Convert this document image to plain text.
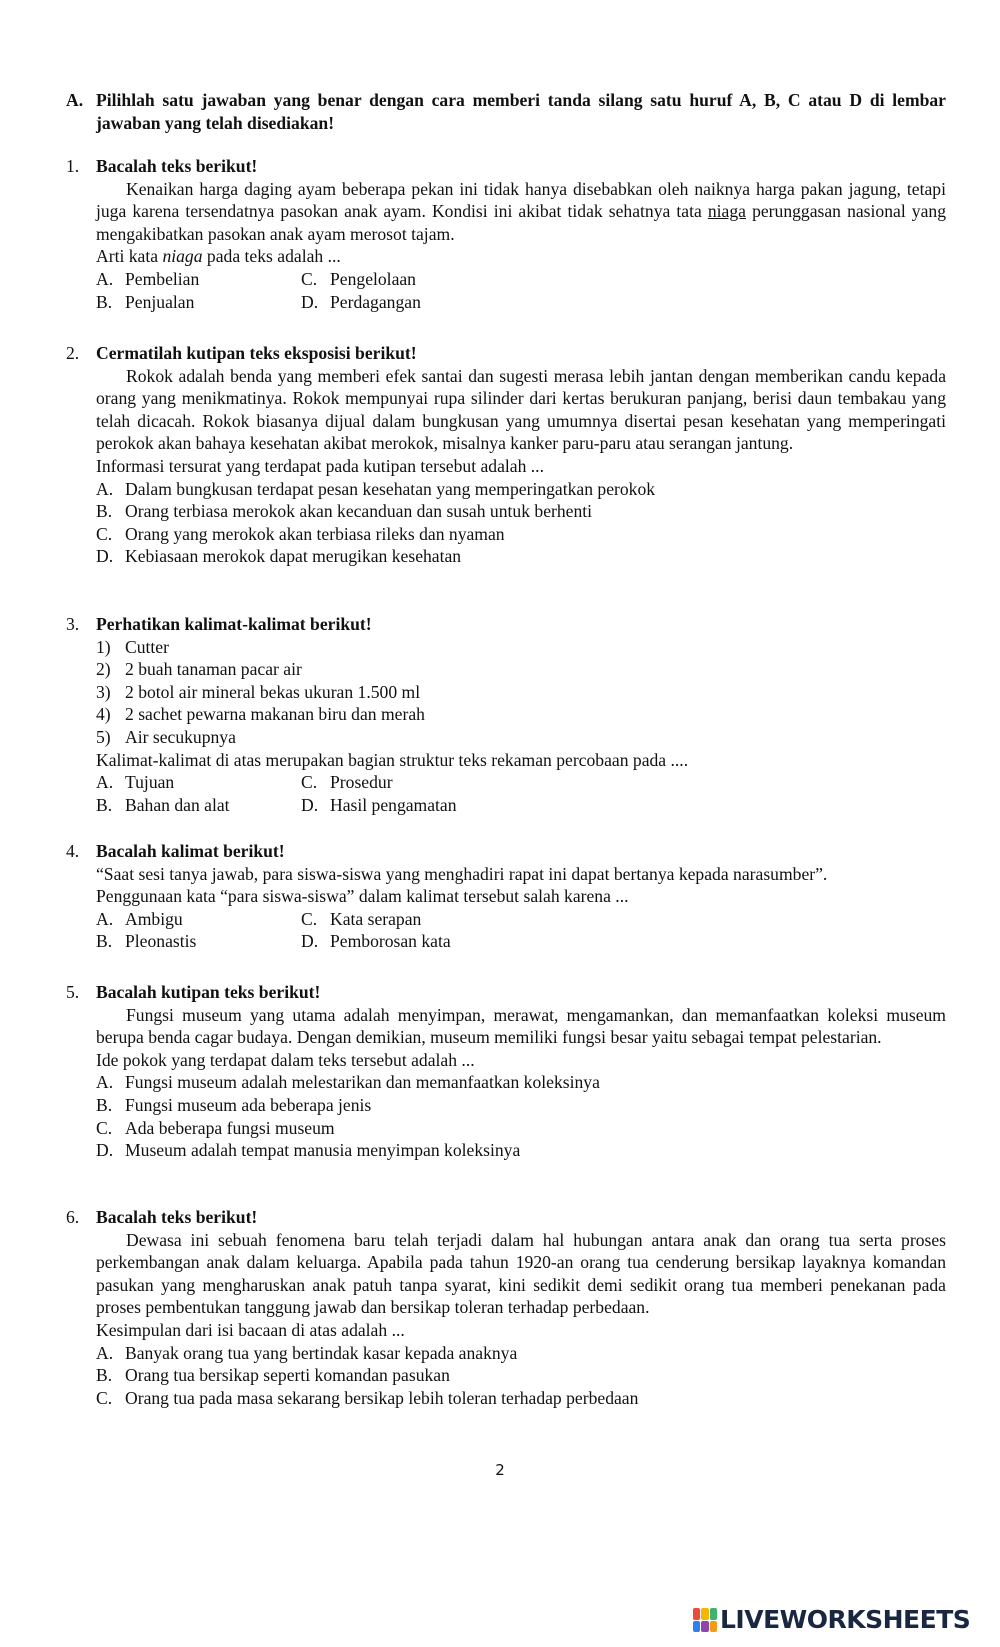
A. Pilihlah satu jawaban yang benar dengan cara memberi tanda silang satu huruf A, B, C atau D di lembar jawaban yang telah disediakan!
1. Bacalah teks berikut!
Kenaikan harga daging ayam beberapa pekan ini tidak hanya disebabkan oleh naiknya harga pakan jagung, tetapi juga karena tersendatnya pasokan anak ayam. Kondisi ini akibat tidak sehatnya tata niaga perunggasan nasional yang mengakibatkan pasokan anak ayam merosot tajam.
Arti kata niaga pada teks adalah ...
A. Pembelian	C. Pengelolaan
B. Penjualan	D. Perdagangan
2. Cermatilah kutipan teks eksposisi berikut!
Rokok adalah benda yang memberi efek santai dan sugesti merasa lebih jantan dengan memberikan candu kepada orang yang menikmatinya. Rokok mempunyai rupa silinder dari kertas berukuran panjang, berisi daun tembakau yang telah dicacah. Rokok biasanya dijual dalam bungkusan yang umumnya disertai pesan kesehatan yang memperingati perokok akan bahaya kesehatan akibat merokok, misalnya kanker paru-paru atau serangan jantung.
Informasi tersurat yang terdapat pada kutipan tersebut adalah ...
A. Dalam bungkusan terdapat pesan kesehatan yang memperingatkan perokok
B. Orang terbiasa merokok akan kecanduan dan susah untuk berhenti
C. Orang yang merokok akan terbiasa rileks dan nyaman
D. Kebiasaan merokok dapat merugikan kesehatan
3. Perhatikan kalimat-kalimat berikut!
1) Cutter
2) 2 buah tanaman pacar air
3) 2 botol air mineral bekas ukuran 1.500 ml
4) 2 sachet pewarna makanan biru dan merah
5) Air secukupnya
Kalimat-kalimat di atas merupakan bagian struktur teks rekaman percobaan pada ....
A. Tujuan	C. Prosedur
B. Bahan dan alat	D. Hasil pengamatan
4. Bacalah kalimat berikut!
“Saat sesi tanya jawab, para siswa-siswa yang menghadiri rapat ini dapat bertanya kepada narasumber”.
Penggunaan kata “para siswa-siswa” dalam kalimat tersebut salah karena ...
A. Ambigu	C. Kata serapan
B. Pleonastis	D. Pemborosan kata
5. Bacalah kutipan teks berikut!
Fungsi museum yang utama adalah menyimpan, merawat, mengamankan, dan memanfaatkan koleksi museum berupa benda cagar budaya. Dengan demikian, museum memiliki fungsi besar yaitu sebagai tempat pelestarian.
Ide pokok yang terdapat dalam teks tersebut adalah ...
A. Fungsi museum adalah melestarikan dan memanfaatkan koleksinya
B. Fungsi museum ada beberapa jenis
C. Ada beberapa fungsi museum
D. Museum adalah tempat manusia menyimpan koleksinya
6. Bacalah teks berikut!
Dewasa ini sebuah fenomena baru telah terjadi dalam hal hubungan antara anak dan orang tua serta proses perkembangan anak dalam keluarga. Apabila pada tahun 1920-an orang tua cenderung bersikap layaknya komandan pasukan yang mengharuskan anak patuh tanpa syarat, kini sedikit demi sedikit orang tua memberi penekanan pada proses pembentukan tanggung jawab dan bersikap toleran terhadap perbedaan.
Kesimpulan dari isi bacaan di atas adalah ...
A. Banyak orang tua yang bertindak kasar kepada anaknya
B. Orang tua bersikap seperti komandan pasukan
C. Orang tua pada masa sekarang bersikap lebih toleran terhadap perbedaan
2
LIVEWORKSHEETS
